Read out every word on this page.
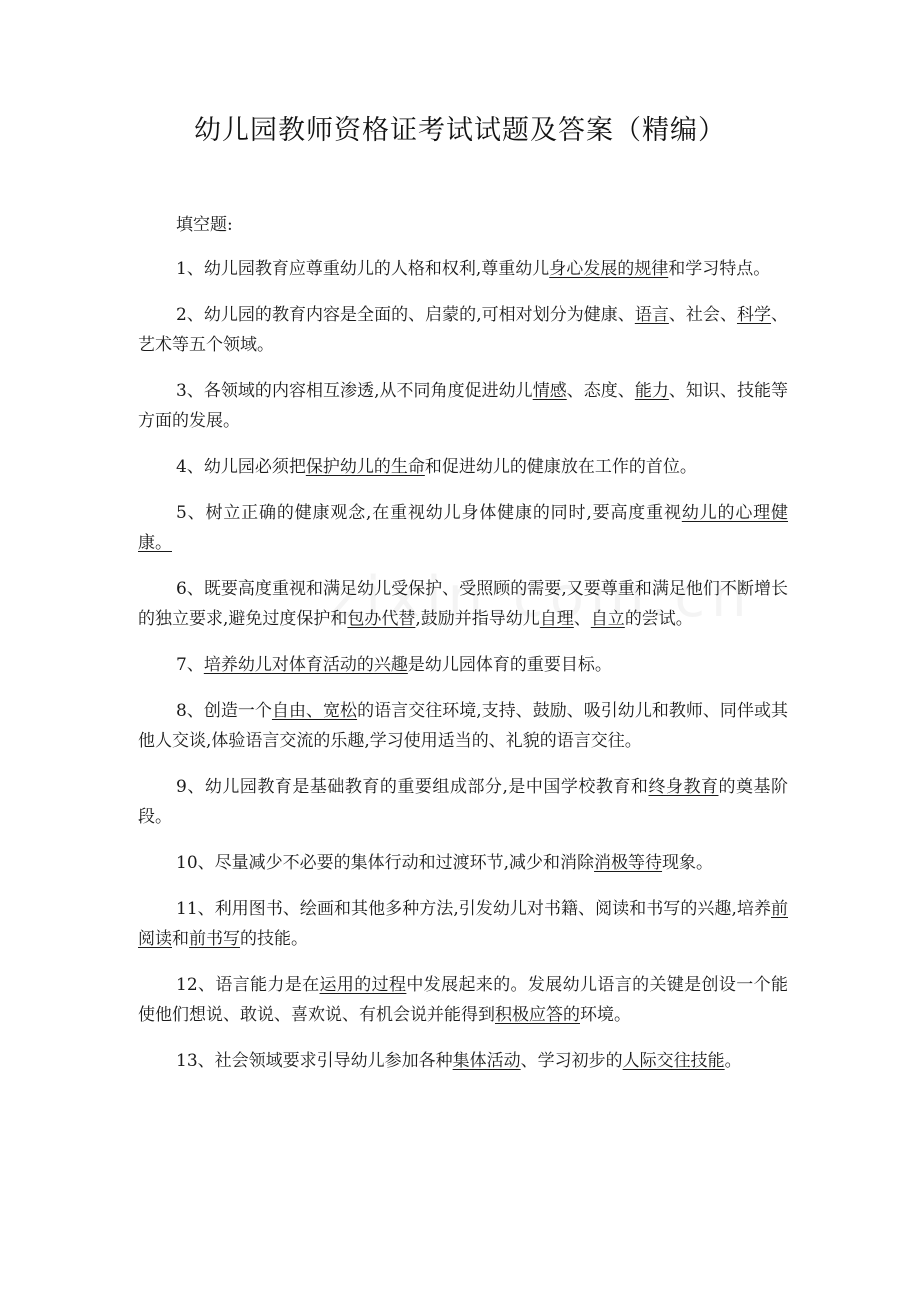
幼儿园教师资格证考试试题及答案（精编）
填空题:

1、幼儿园教育应尊重幼儿的人格和权利,尊重幼儿身心发展的规律和学习特点。

2、幼儿园的教育内容是全面的、启蒙的,可相对划分为健康、语言、社会、科学、艺术等五个领域。

3、各领域的内容相互渗透,从不同角度促进幼儿情感、态度、能力、知识、技能等方面的发展。

4、幼儿园必须把保护幼儿的生命和促进幼儿的健康放在工作的首位。

5、树立正确的健康观念,在重视幼儿身体健康的同时,要高度重视幼儿的心理健康。

6、既要高度重视和满足幼儿受保护、受照顾的需要,又要尊重和满足他们不断增长的独立要求,避免过度保护和包办代替,鼓励并指导幼儿自理、自立的尝试。

7、培养幼儿对体育活动的兴趣是幼儿园体育的重要目标。

8、创造一个自由、宽松的语言交往环境,支持、鼓励、吸引幼儿和教师、同伴或其他人交谈,体验语言交流的乐趣,学习使用适当的、礼貌的语言交往。

9、幼儿园教育是基础教育的重要组成部分,是中国学校教育和终身教育的奠基阶段。

10、尽量减少不必要的集体行动和过渡环节,减少和消除消极等待现象。

11、利用图书、绘画和其他多种方法,引发幼儿对书籍、阅读和书写的兴趣,培养前阅读和前书写的技能。

12、语言能力是在运用的过程中发展起来的。发展幼儿语言的关键是创设一个能使他们想说、敢说、喜欢说、有机会说并能得到积极应答的环境。

13、社会领域要求引导幼儿参加各种集体活动、学习初步的人际交往技能。
